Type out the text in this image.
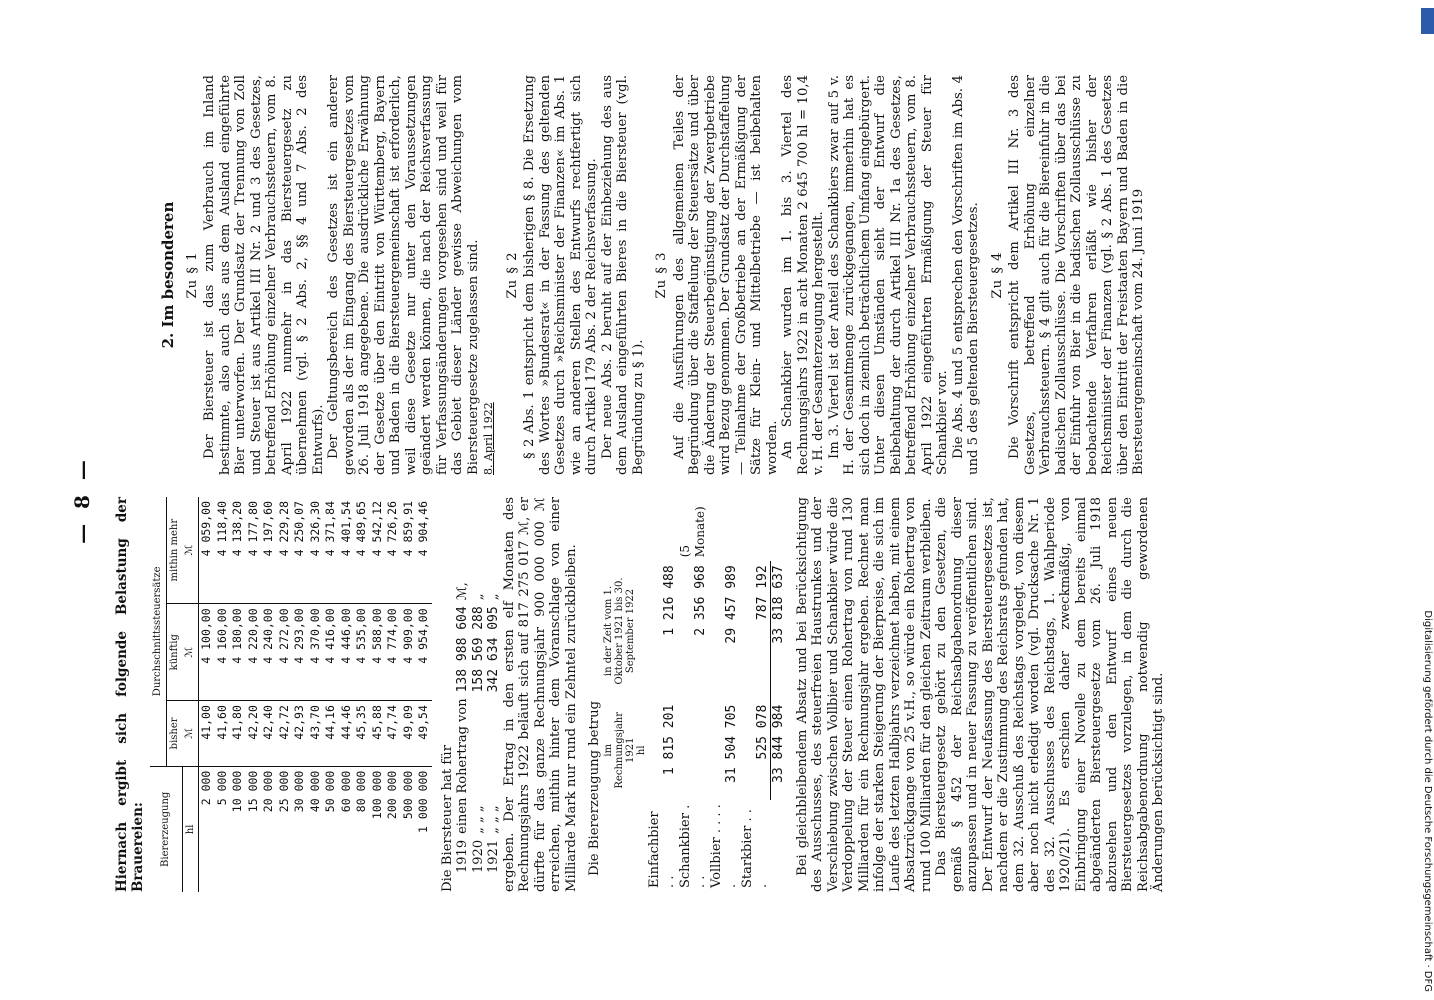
— 8 — Hiernach ergibt sich folgende Belastung der Brauereien: Biererzeugung	Durchschnittssteuersätze		
	bisher	künftig	mithin mehr
hl	ℳ	ℳ	ℳ
2 000	41,00	4 100,00	4 059,00
5 000	41,60	4 160,00	4 118,40
10 000	41,80	4 180,00	4 138,20
15 000	42,20	4 220,00	4 177,80
20 000	42,40	4 240,00	4 197,60
25 000	42,72	4 272,00	4 229,28
30 000	42,93	4 293,00	4 250,07
40 000	43,70	4 370,00	4 326,30
50 000	44,16	4 416,00	4 371,84
60 000	44,46	4 446,00	4 401,54
80 000	45,35	4 535,00	4 489,65
100 000	45,88	4 588,00	4 542,12
200 000	47,74	4 774,00	4 726,26
500 000	49,09	4 909,00	4 859,91
1 000 000	49,54	4 954,00	4 904,46

Die Biersteuer hat für 1919	einen Rohertrag von	138 988 604	ℳ,
1920	„ „ „	158 569 288	„
1921	„ „ „	342 634 095	„ ergeben. Der Ertrag in den ersten elf Monaten des Rechnungsjahrs 1922 beläuft sich auf 817 275 017 ℳ, er dürfte für das ganze Rechnungsjahr 900 000 000 ℳ erreichen, mithin hinter dem Voranschlage von einer Milliarde Mark nur rund ein Zehntel zurückbleiben. Die Biererzeugung betrug

	im Rechnungsjahr 1921	in der Zeit vom 1. Oktober 1921 bis 30. September 1922	
	hl		
Einfachbier . .	1 815 201	1 216 488	
Schankbier . . .		2 356 968	(5 Monate)
Vollbier . . . . .	31 504 705	29 457 989	
Starkbier . . .	525 078	787 192	
	33 844 984	33 818 637	Bei gleichbleibendem Absatz und bei Berücksichtigung des Ausschusses, des steuerfreien Haustrunkes und der Verschiebung zwischen Vollbier und Schankbier würde die Verdoppelung der Steuer einen Rohertrag von rund 130 Milliarden für ein Rechnungsjahr ergeben. Rechnet man infolge der starken Steigerung der Bierpreise, die sich im Laufe des letzten Halbjahrs verzeichnet haben, mit einem Absatzrückgange von 25 v.H., so würde ein Rohertrag von rund 100 Milliarden für den gleichen Zeitraum verbleiben. Das Biersteuergesetz gehört zu den Gesetzen, die gemäß § 452 der Reichsabgabenordnung dieser anzupassen und in neuer Fassung zu veröffentlichen sind. Der Entwurf der Neufassung des Biersteuergesetzes ist, nachdem er die Zustimmung des Reichsrats gefunden hat, dem 32. Ausschuß des Reichstags vorgelegt, von diesem aber noch nicht erledigt worden (vgl. Drucksache Nr. 1 des 32. Ausschusses des Reichstags, 1. Wahlperiode 1920/21). Es erschien daher zweckmäßig, von Einbringung einer Novelle zu dem bereits einmal abgeänderten Biersteuergesetze vom 26. Juli 1918 abzusehen und den Entwurf eines neuen Biersteuergesetzes vorzulegen, in dem die durch die Reichsabgabenordnung notwendig gewordenen Änderungen berücksichtigt sind.

2. Im besonderen Zu § 1 Der Biersteuer ist das zum Verbrauch im Inland bestimmte, also auch das aus dem Ausland eingeführte Bier unterworfen. Der Grundsatz der Trennung von Zoll und Steuer ist aus Artikel III Nr. 2 und 3 des Gesetzes, betreffend Erhöhung einzelner Verbrauchssteuern, vom 8. April 1922 nunmehr in das Biersteuergesetz zu übernehmen (vgl. § 2 Abs. 2, §§ 4 und 7 Abs. 2 des Entwurfs). Der Geltungsbereich des Gesetzes ist ein anderer geworden als der im Eingang des Biersteuergesetzes vom 26. Juli 1918 angegebene. Die ausdrückliche Erwähnung der Gesetze über den Eintritt von Württemberg, Bayern und Baden in die Biersteuergemeinschaft ist erforderlich, weil diese Gesetze nur unter den Voraussetzungen geändert werden können, die nach der Reichsverfassung für Verfassungsänderungen vorgesehen sind und weil für das Gebiet dieser Länder gewisse Abweichungen vom Biersteuergesetze zugelassen sind. 8. April 1922

Zu § 2 § 2 Abs. 1 entspricht dem bisherigen § 8. Die Ersetzung des Wortes »Bundesrat« in der Fassung des geltenden Gesetzes durch »Reichsminister der Finanzen« im Abs. 1 wie an anderen Stellen des Entwurfs rechtfertigt sich durch Artikel 179 Abs. 2 der Reichsverfassung. Der neue Abs. 2 beruht auf der Einbeziehung des aus dem Ausland eingeführten Bieres in die Biersteuer (vgl. Begründung zu § 1).

Zu § 3 Auf die Ausführungen des allgemeinen Teiles der Begründung über die Staffelung der Steuersätze und über die Änderung der Steuerbegünstigung der Zwergbetriebe wird Bezug genommen. Der Grundsatz der Durchstaffelung — Teilnahme der Großbetriebe an der Ermäßigung der Sätze für Klein- und Mittelbetriebe — ist beibehalten worden. An Schankbier wurden im 1. bis 3. Viertel des Rechnungsjahrs 1922 in acht Monaten 2 645 700 hl = 10,4 v. H. der Gesamterzeugung hergestellt. Im 3. Viertel ist der Anteil des Schankbiers zwar auf 5 v. H. der Gesamtmenge zurückgegangen, immerhin hat es sich doch in ziemlich beträchtlichem Umfang eingebürgert. Unter diesen Umständen sieht der Entwurf die Beibehaltung der durch Artikel III Nr. 1a des Gesetzes, betreffend Erhöhung einzelner Verbrauchssteuern, vom 8. April 1922 eingeführten Ermäßigung der Steuer für Schankbier vor. Die Abs. 4 und 5 entsprechen den Vorschriften im Abs. 4 und 5 des geltenden Biersteuergesetzes. Zu § 4 Die Vorschrift entspricht dem Artikel III Nr. 3 des Gesetzes, betreffend Erhöhung einzelner Verbrauchssteuern. § 4 gilt auch für die Biereinfuhr in die badischen Zollausschlüsse. Die Vorschriften über das bei der Einfuhr von Bier in die badischen Zollausschlüsse zu beobachtende Verfahren erläßt wie bisher der Reichsminister der Finanzen (vgl. § 2 Abs. 1 des Gesetzes über den Eintritt der Freistaaten Bayern und Baden in die Biersteuergemeinschaft vom 24. Juni 1919

Digitalisierung gefördert durch die Deutsche Forschungsgemeinschaft · DFG
